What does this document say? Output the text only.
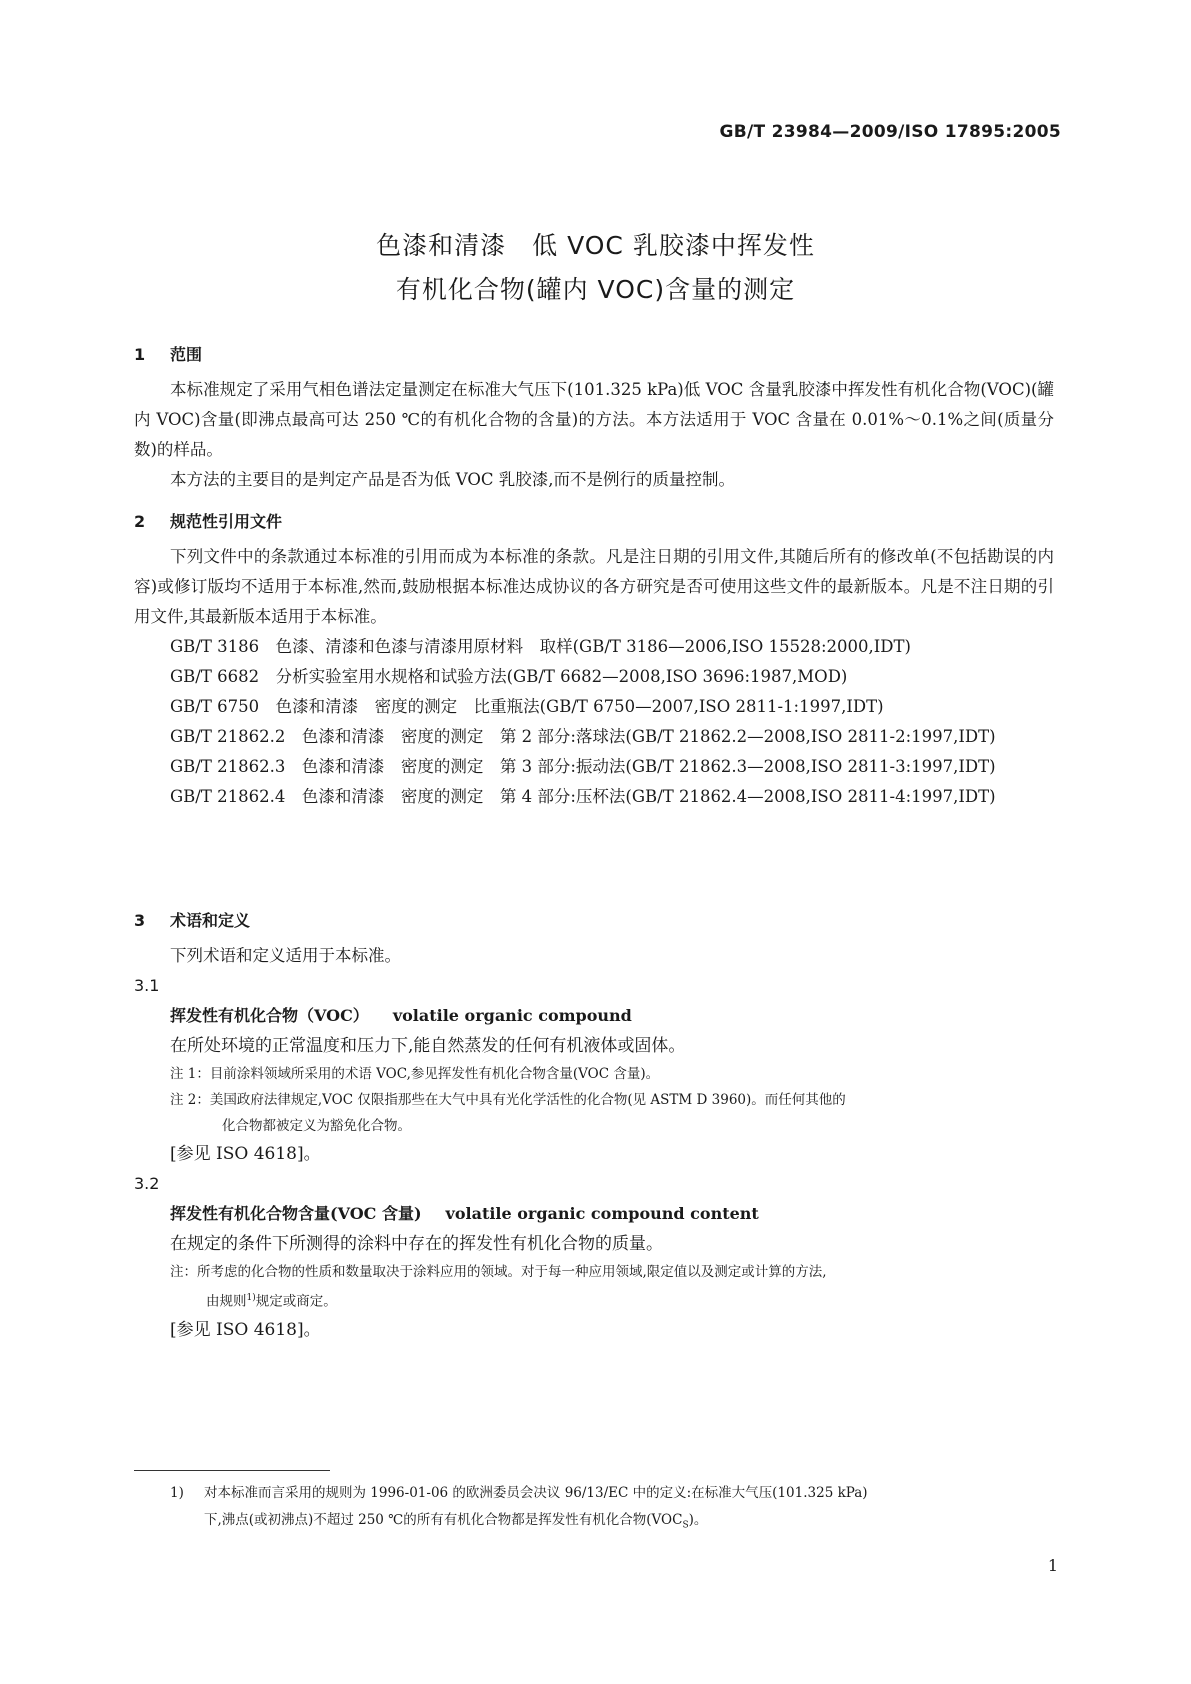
GB/T 23984—2009/ISO 17895:2005
色漆和清漆　低 VOC 乳胶漆中挥发性
有机化合物(罐内 VOC)含量的测定
1 范围

本标准规定了采用气相色谱法定量测定在标准大气压下(101.325 kPa)低 VOC 含量乳胶漆中挥发性有机化合物(VOC)(罐内 VOC)含量(即沸点最高可达 250 ℃的有机化合物的含量)的方法。本方法适用于 VOC 含量在 0.01%～0.1%之间(质量分数)的样品。

本方法的主要目的是判定产品是否为低 VOC 乳胶漆,而不是例行的质量控制。

2 规范性引用文件

下列文件中的条款通过本标准的引用而成为本标准的条款。凡是注日期的引用文件,其随后所有的修改单(不包括勘误的内容)或修订版均不适用于本标准,然而,鼓励根据本标准达成协议的各方研究是否可使用这些文件的最新版本。凡是不注日期的引用文件,其最新版本适用于本标准。

GB/T 3186　色漆、清漆和色漆与清漆用原材料　取样(GB/T 3186—2006,ISO 15528:2000,IDT)

GB/T 6682　分析实验室用水规格和试验方法(GB/T 6682—2008,ISO 3696:1987,MOD)

GB/T 6750　色漆和清漆　密度的测定　比重瓶法(GB/T 6750—2007,ISO 2811-1:1997,IDT)

GB/T 21862.2　色漆和清漆　密度的测定　第 2 部分:落球法(GB/T 21862.2—2008,ISO 2811-2:1997,IDT)

GB/T 21862.3　色漆和清漆　密度的测定　第 3 部分:振动法(GB/T 21862.3—2008,ISO 2811-3:1997,IDT)

GB/T 21862.4　色漆和清漆　密度的测定　第 4 部分:压杯法(GB/T 21862.4—2008,ISO 2811-4:1997,IDT)

3 术语和定义

下列术语和定义适用于本标准。

3.1
挥发性有机化合物（VOC） volatile organic compound
在所处环境的正常温度和压力下,能自然蒸发的任何有机液体或固体。
注 1：目前涂料领域所采用的术语 VOC,参见挥发性有机化合物含量(VOC 含量)。
注 2：美国政府法律规定,VOC 仅限指那些在大气中具有光化学活性的化合物(见 ASTM D 3960)。而任何其他的
化合物都被定义为豁免化合物。
[参见 ISO 4618]。
3.2
挥发性有机化合物含量(VOC 含量) volatile organic compound content
在规定的条件下所测得的涂料中存在的挥发性有机化合物的质量。
注：所考虑的化合物的性质和数量取决于涂料应用的领域。对于每一种应用领域,限定值以及测定或计算的方法,
由规则$^{1)}$规定或商定。
[参见 ISO 4618]。
1) 对本标准而言采用的规则为 1996-01-06 的欧洲委员会决议 96/13/EC 中的定义:在标准大气压(101.325 kPa)
下,沸点(或初沸点)不超过 250 ℃的所有有机化合物都是挥发性有机化合物$(VOC_S)$。
1
